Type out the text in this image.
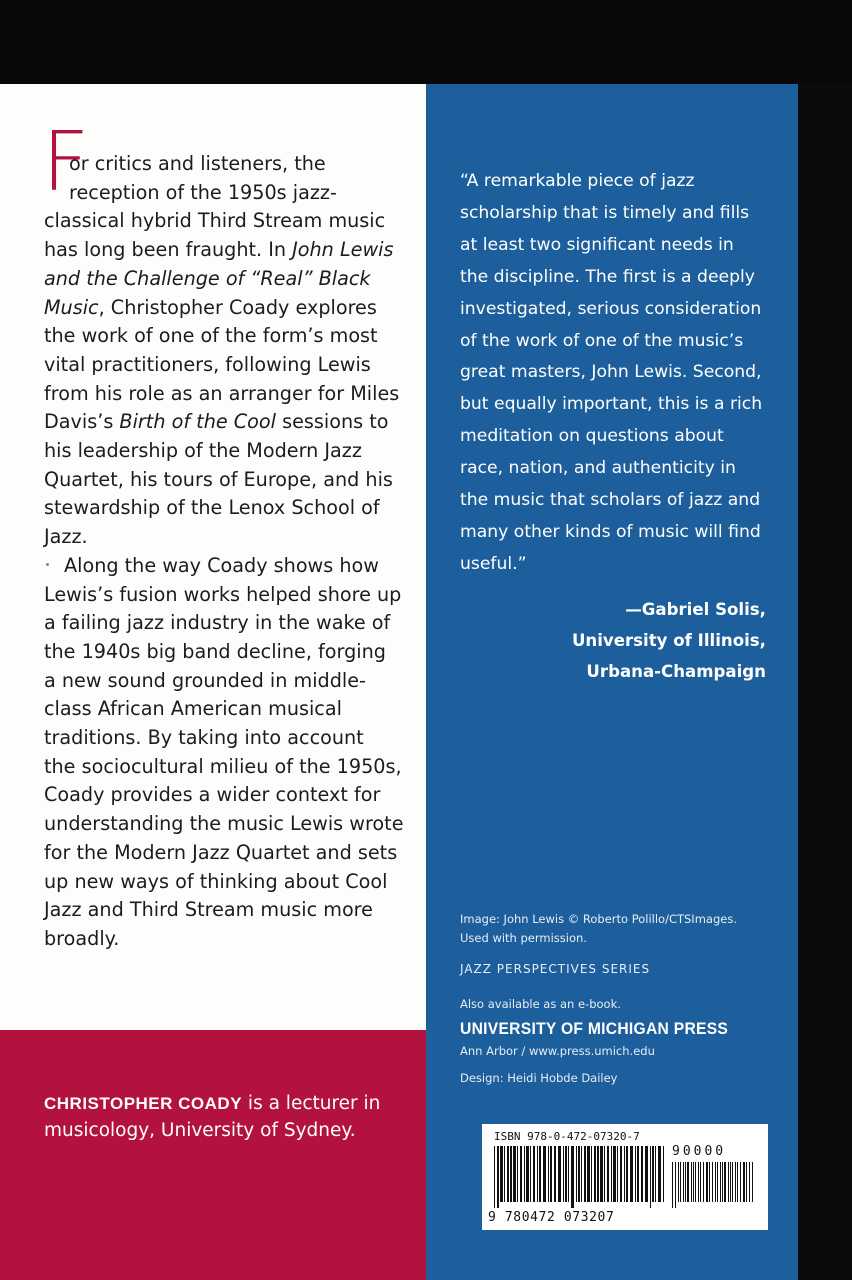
F
or critics and listeners, the
reception of the 1950s jazz-
classical hybrid Third Stream music
has long been fraught. In John Lewis
and the Challenge of “Real” Black
Music, Christopher Coady explores
the work of one of the form’s most
vital practitioners, following Lewis
from his role as an arranger for Miles
Davis’s Birth of the Cool sessions to
his leadership of the Modern Jazz
Quartet, his tours of Europe, and his
stewardship of the Lenox School of
Jazz.
Along the way Coady shows how
Lewis’s fusion works helped shore up
a failing jazz industry in the wake of
the 1940s big band decline, forging
a new sound grounded in middle-
class African American musical
traditions. By taking into account
the sociocultural milieu of the 1950s,
Coady provides a wider context for
understanding the music Lewis wrote
for the Modern Jazz Quartet and sets
up new ways of thinking about Cool
Jazz and Third Stream music more
broadly.
CHRISTOPHER COADY is a lecturer in musicology, University of Sydney.
“A remarkable piece of jazz
scholarship that is timely and fills
at least two significant needs in
the discipline. The first is a deeply
investigated, serious consideration
of the work of one of the music’s
great masters, John Lewis. Second,
but equally important, this is a rich
meditation on questions about
race, nation, and authenticity in
the music that scholars of jazz and
many other kinds of music will find
useful.”
—Gabriel Solis,
University of Illinois,
Urbana-Champaign
Image: John Lewis © Roberto Polillo/CTSImages.
Used with permission.
JAZZ PERSPECTIVES SERIES
Also available as an e-book.
UNIVERSITY OF MICHIGAN PRESS
Ann Arbor / www.press.umich.edu
Design: Heidi Hobde Dailey
ISBN 978-0-472-07320-7
90000
9 780472 073207
